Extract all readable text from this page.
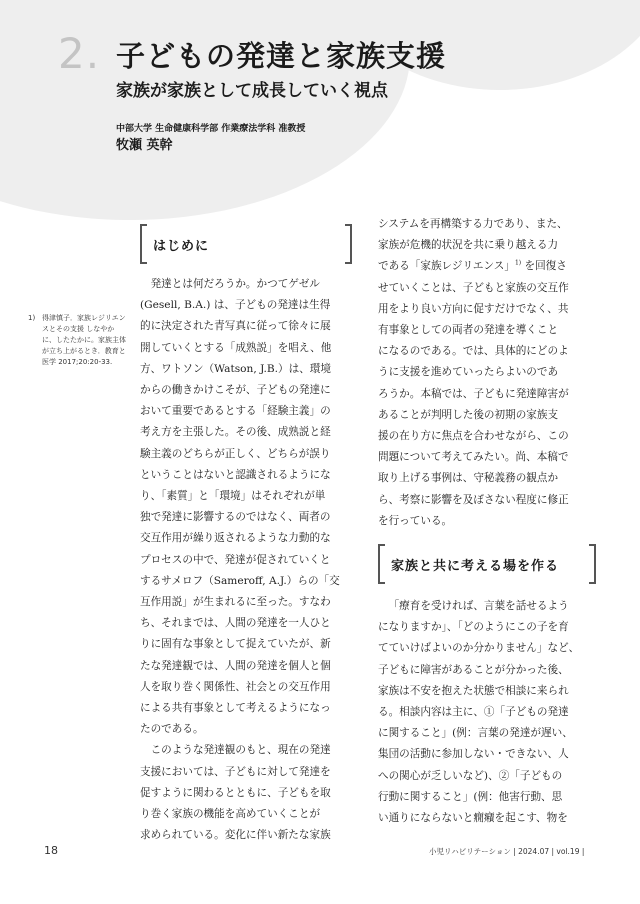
2. 子どもの発達と家族支援
家族が家族として成長していく視点
中部大学 生命健康科学部 作業療法学科 准教授
牧瀬 英幹
はじめに
1) 得津慎子．家族レジリエンスとその支援 しなやかに、したたかに。家族主体が立ち上がるとき．教育と医学 2017;20:20-33.
発達とは何だろうか。かつてゲゼル
(Gesell, B.A.) は、子どもの発達は生得
的に決定された青写真に従って徐々に展
開していくとする「成熟説」を唱え、他
方、ワトソン（Watson, J.B.）は、環境
からの働きかけこそが、子どもの発達に
おいて重要であるとする「経験主義」の
考え方を主張した。その後、成熟説と経
験主義のどちらが正しく、どちらが誤り
ということはないと認識されるようにな
り、「素質」と「環境」はそれぞれが単
独で発達に影響するのではなく、両者の
交互作用が繰り返されるような力動的な
プロセスの中で、発達が促されていくと
するサメロフ（Sameroff, A.J.）らの「交
互作用説」が生まれるに至った。すなわ
ち、それまでは、人間の発達を一人ひと
りに固有な事象として捉えていたが、新
たな発達観では、人間の発達を個人と個
人を取り巻く関係性、社会との交互作用
による共有事象として考えるようになっ
たのである。
このような発達観のもと、現在の発達
支援においては、子どもに対して発達を
促すように関わるとともに、子どもを取
り巻く家族の機能を高めていくことが
求められている。変化に伴い新たな家族
システムを再構築する力であり、また、
家族が危機的状況を共に乗り越える力
である「家族レジリエンス」$^{1)}$ を回復さ
せていくことは、子どもと家族の交互作
用をより良い方向に促すだけでなく、共
有事象としての両者の発達を導くこと
になるのである。では、具体的にどのよ
うに支援を進めていったらよいのであ
ろうか。本稿では、子どもに発達障害が
あることが判明した後の初期の家族支
援の在り方に焦点を合わせながら、この
問題について考えてみたい。尚、本稿で
取り上げる事例は、守秘義務の観点か
ら、考察に影響を及ぼさない程度に修正
を行っている。
家族と共に考える場を作る
「療育を受ければ、言葉を話せるよう
になりますか」、「どのようにこの子を育
てていけばよいのか分かりません」など、
子どもに障害があることが分かった後、
家族は不安を抱えた状態で相談に来られ
る。相談内容は主に、①「子どもの発達
に関すること」(例：言葉の発達が遅い、
集団の活動に参加しない・できない、人
への関心が乏しいなど)、②「子どもの
行動に関すること」(例：他害行動、思
い通りにならないと癇癪を起こす、物を
18	小児リハビリテーション | 2024.07 | vol.19 |
